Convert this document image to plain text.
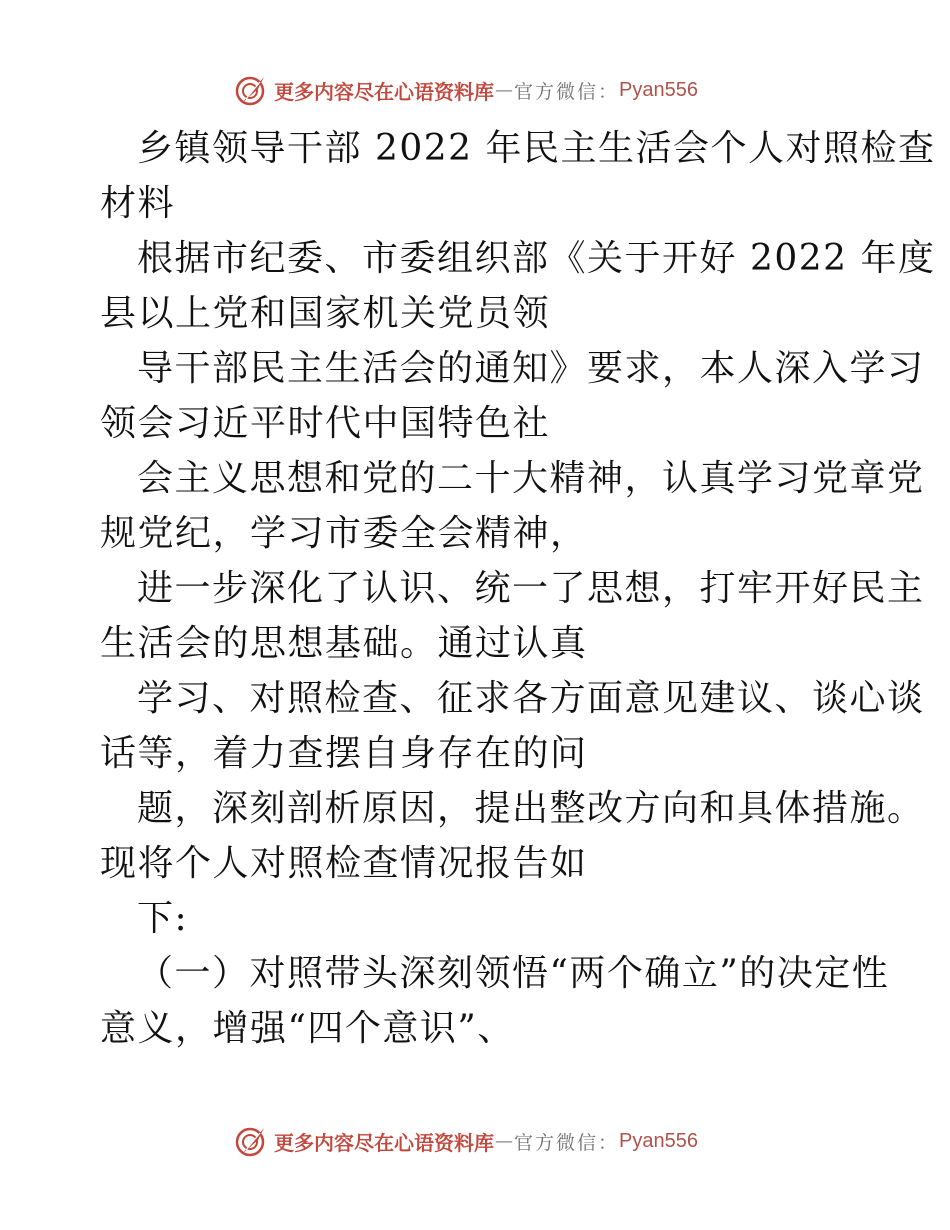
更多内容尽在心语资料库 — 官方微信： Pyan556
乡镇领导干部 2022 年民主生活会个人对照检查
材料
根据市纪委、市委组织部《关于开好 2022 年度
县以上党和国家机关党员领
导干部民主生活会的通知》要求，本人深入学习
领会习近平时代中国特色社
会主义思想和党的二十大精神，认真学习党章党
规党纪，学习市委全会精神，
进一步深化了认识、统一了思想，打牢开好民主
生活会的思想基础。通过认真
学习、对照检查、征求各方面意见建议、谈心谈
话等，着力查摆自身存在的问
题，深刻剖析原因，提出整改方向和具体措施。
现将个人对照检查情况报告如
下:
（一）对照带头深刻领悟“两个确立”的决定性
意义，增强“四个意识”、
更多内容尽在心语资料库 — 官方微信： Pyan556
